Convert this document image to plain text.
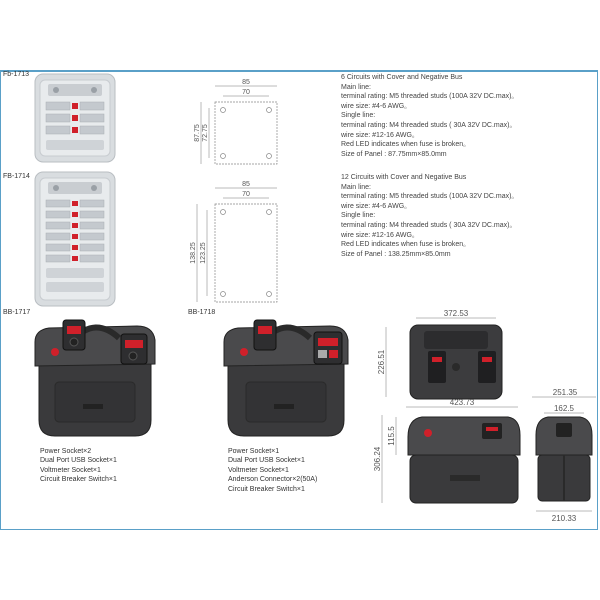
Fb-1713
85
70
87.75 72.75
6 Circuits with Cover and Negative Bus
Main line:
terminal rating: M5 threaded studs (100A 32V DC.max)。
wire size: #4-6 AWG。
Single line:
terminal rating: M4 threaded studs ( 30A 32V DC.max)。
wire size: #12-16 AWG。
Red LED indicates when fuse is broken。
Size of Panel : 87.75mm×85.0mm
FB-1714
85
70
138.25 123.25
12 Circuits with Cover and Negative Bus
Main line:
terminal rating: M5 threaded studs (100A 32V DC.max)。
wire size: #4-6 AWG。
Single line:
terminal rating: M4 threaded studs ( 30A 32V DC.max)。
wire size: #12-16 AWG。
Red LED indicates when fuse is broken。
Size of Panel : 138.25mm×85.0mm
BB-1717
Power Socket×2
Dual Port USB Socket×1
Voltmeter Socket×1
Circuit Breaker Switch×1
BB-1718
Power Socket×1
Dual Port USB Socket×1
Voltmeter Socket×1
Anderson Connector×2(50A)
Circuit Breaker Switch×1
372.53
226.51
423.73
306.24
115.5
251.35
162.5
210.33
